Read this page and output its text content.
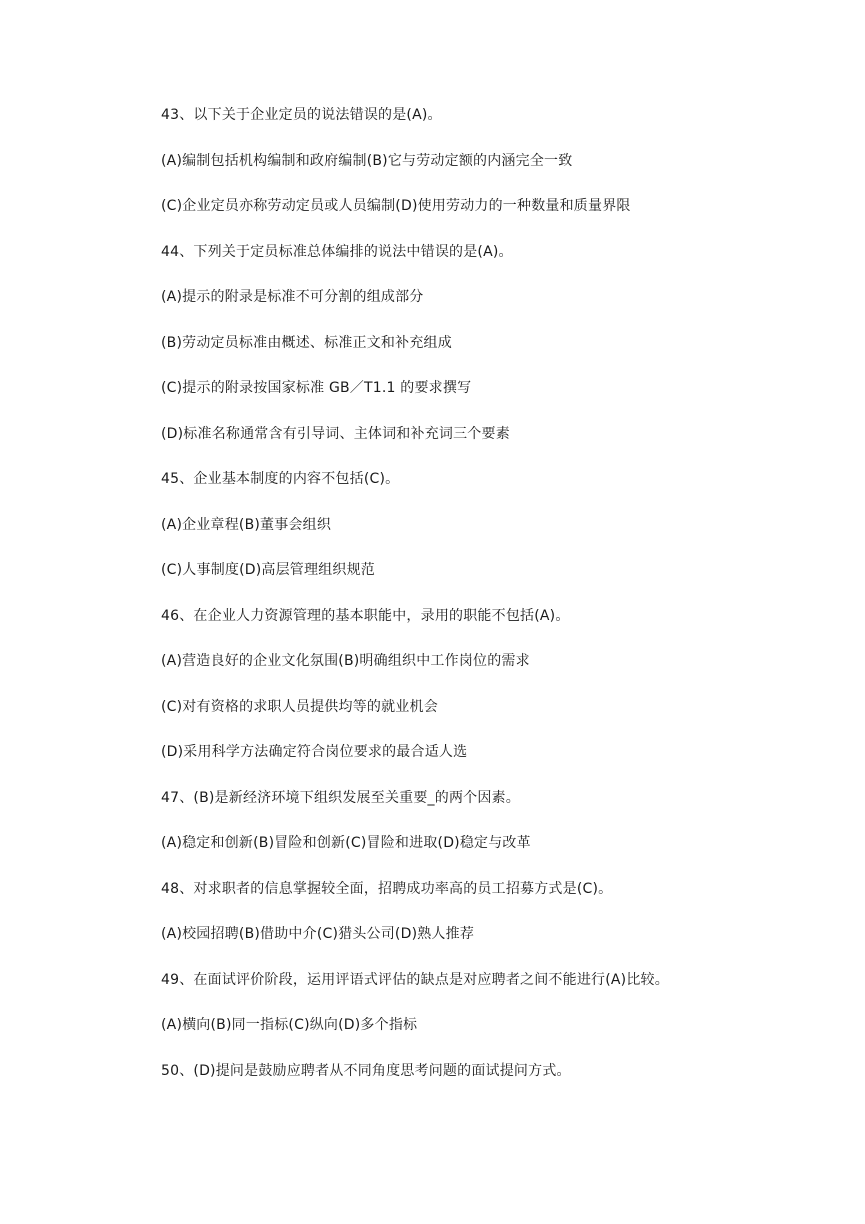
43、以下关于企业定员的说法错误的是(A)。
(A)编制包括机构编制和政府编制(B)它与劳动定额的内涵完全一致
(C)企业定员亦称劳动定员或人员编制(D)使用劳动力的一种数量和质量界限
44、下列关于定员标准总体编排的说法中错误的是(A)。
(A)提示的附录是标准不可分割的组成部分
(B)劳动定员标准由概述、标准正文和补充组成
(C)提示的附录按国家标准 GB／T1.1 的要求撰写
(D)标准名称通常含有引导词、主体词和补充词三个要素
45、企业基本制度的内容不包括(C)。
(A)企业章程(B)董事会组织
(C)人事制度(D)高层管理组织规范
46、在企业人力资源管理的基本职能中，录用的职能不包括(A)。
(A)营造良好的企业文化氛围(B)明确组织中工作岗位的需求
(C)对有资格的求职人员提供均等的就业机会
(D)采用科学方法确定符合岗位要求的最合适人选
47、(B)是新经济环境下组织发展至关重要_的两个因素。
(A)稳定和创新(B)冒险和创新(C)冒险和进取(D)稳定与改革
48、对求职者的信息掌握较全面，招聘成功率高的员工招募方式是(C)。
(A)校园招聘(B)借助中介(C)猎头公司(D)熟人推荐
49、在面试评价阶段，运用评语式评估的缺点是对应聘者之间不能进行(A)比较。
(A)横向(B)同一指标(C)纵向(D)多个指标
50、(D)提问是鼓励应聘者从不同角度思考问题的面试提问方式。
